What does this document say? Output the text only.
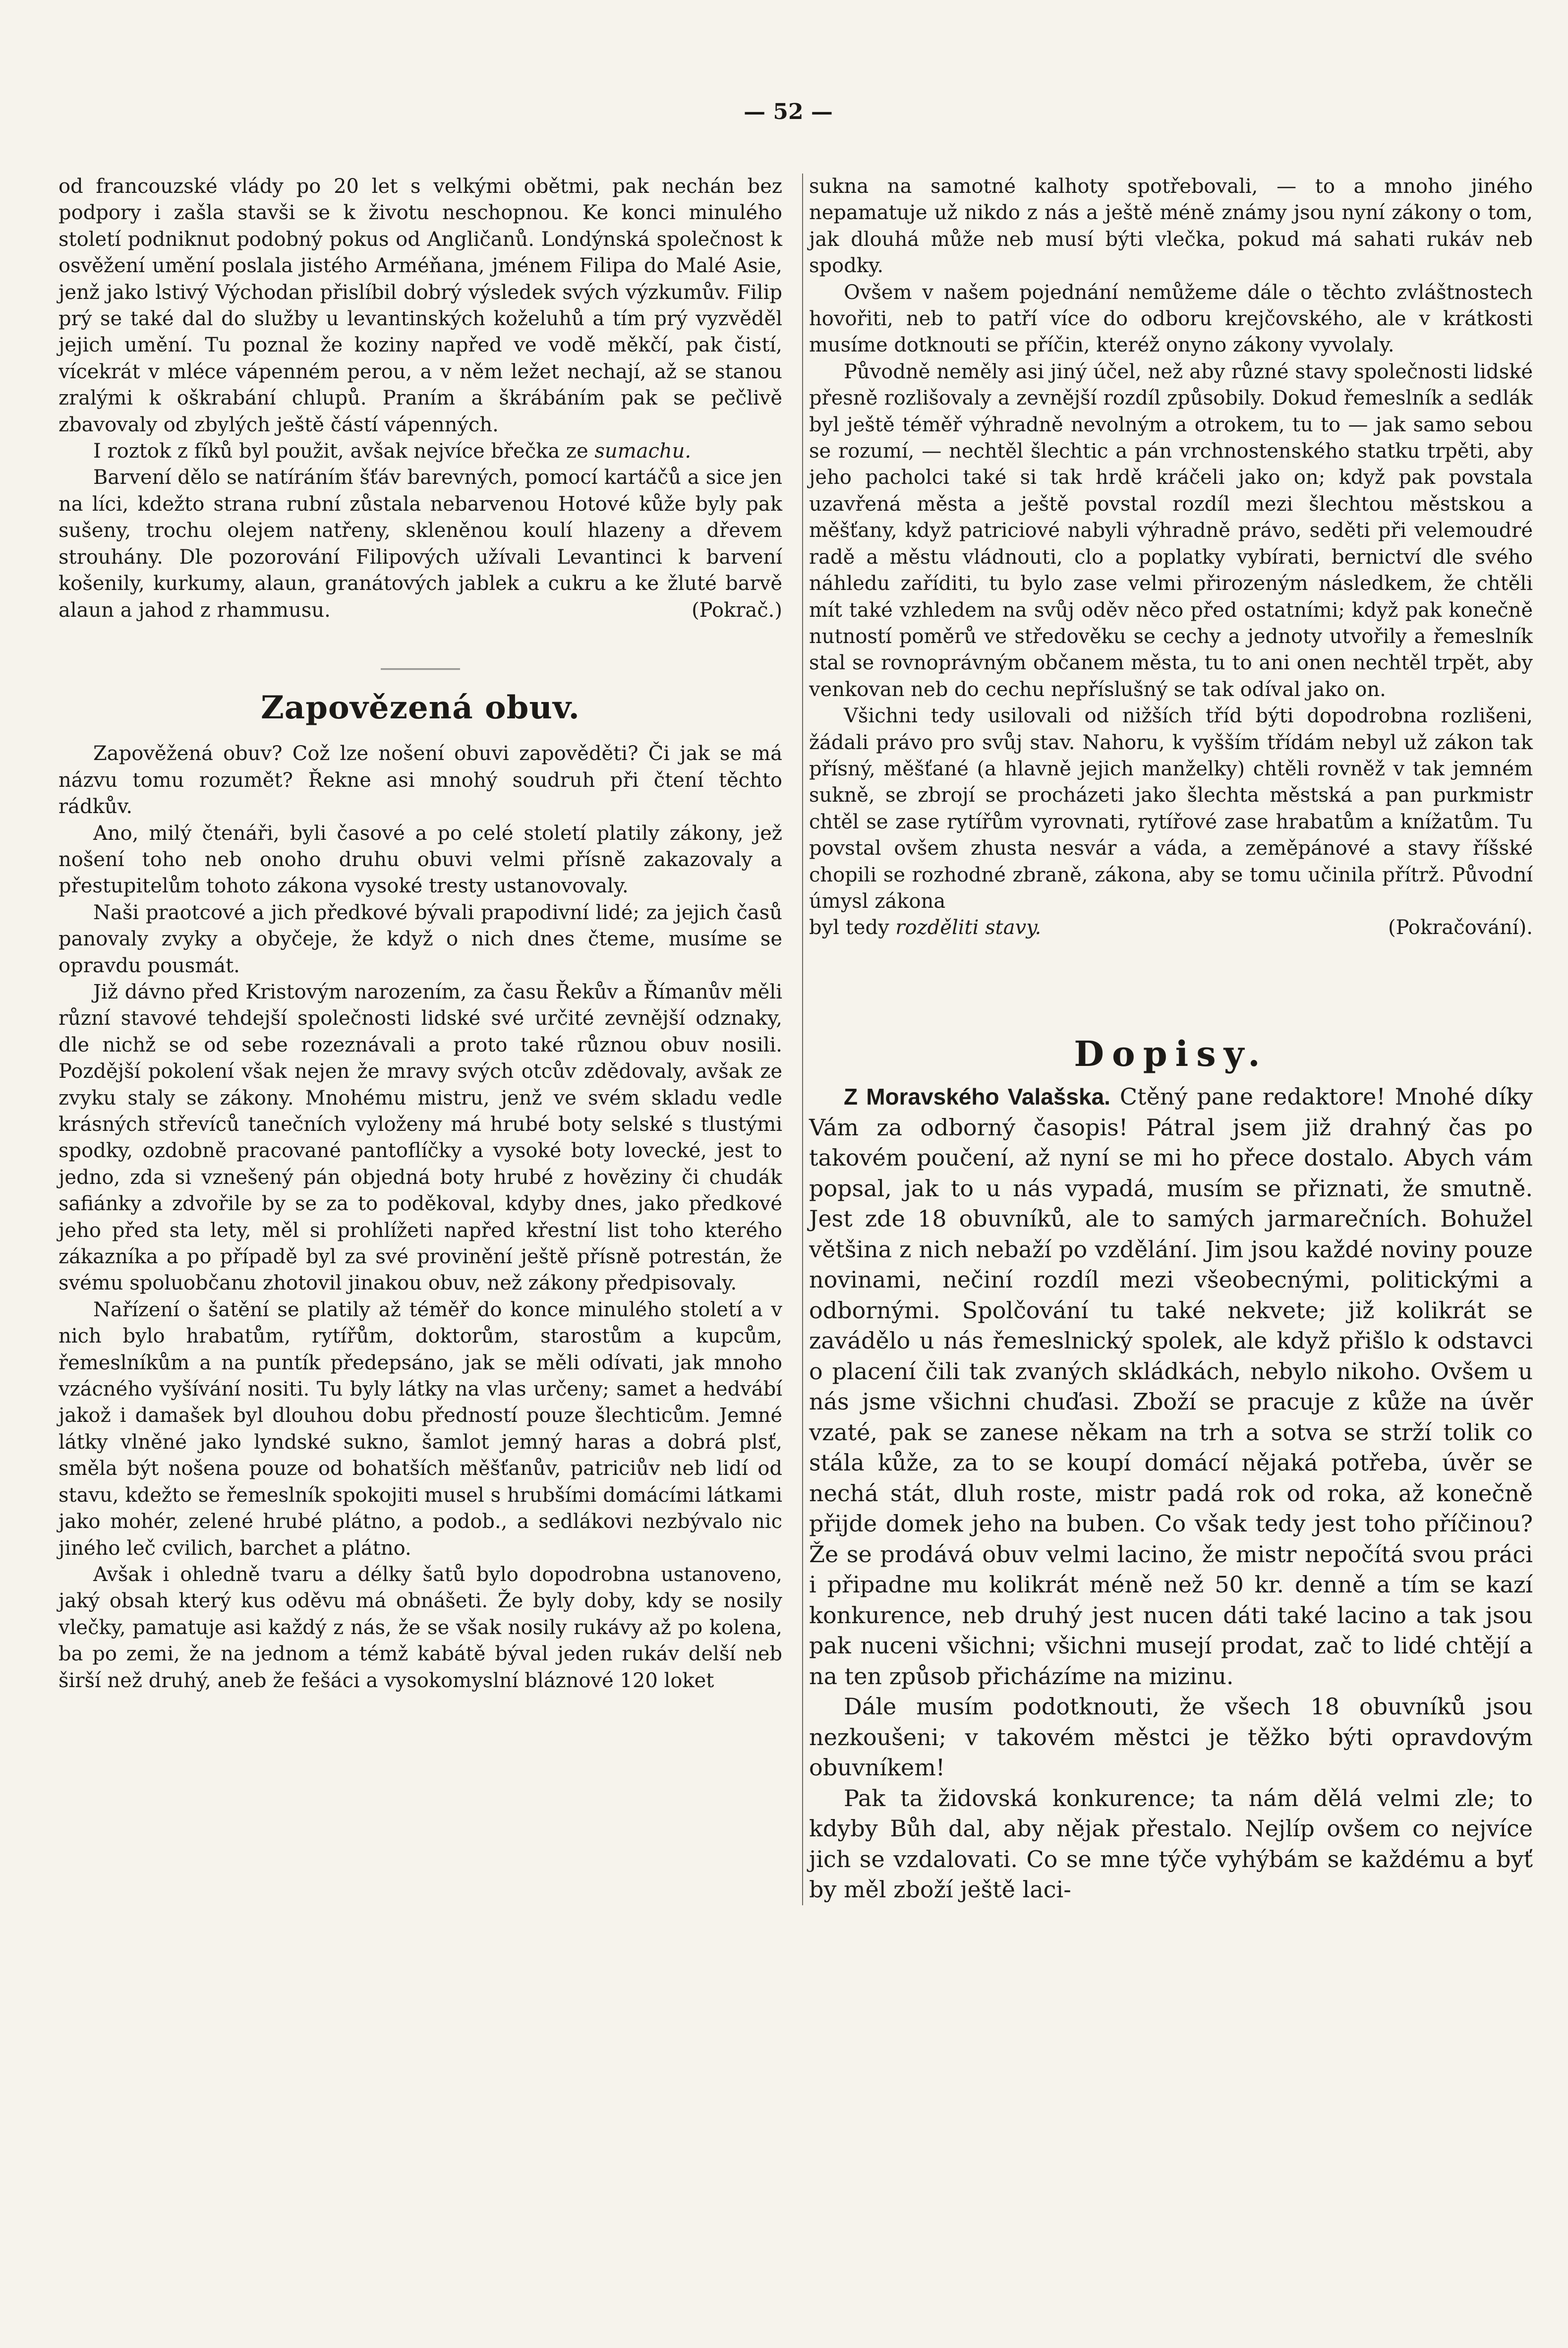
— 52 —

od francouzské vlády po 20 let s velkými obětmi, pak nechán bez podpory i zašla stavši se k životu neschopnou. Ke konci minulého století podniknut podobný pokus od Angličanů. Londýnská společnost k osvěžení umění poslala jistého Arméňana, jménem Filipa do Malé Asie, jenž jako lstivý Východan přislíbil dobrý výsledek svých výzkumův. Filip prý se také dal do služby u levantinských koželuhů a tím prý vyzvěděl jejich umění. Tu poznal že koziny napřed ve vodě měkčí, pak čistí, vícekrát v mléce vápenném perou, a v něm ležet nechají, až se stanou zralými k oškrabání chlupů. Praním a škrábáním pak se pečlivě zbavovaly od zbylých ještě částí vápenných.

I roztok z fíků byl použit, avšak nejvíce břečka ze sumachu.

Barvení dělo se natíráním šťáv barevných, pomocí kartáčů a sice jen na líci, kdežto strana rubní zůstala nebarvenou Hotové kůže byly pak sušeny, trochu olejem natřeny, skleněnou koulí hlazeny a dřevem strouhány. Dle pozorování Filipových užívali Levantinci k barvení košenily, kurkumy, alaun, granátových jablek a cukru a ke žluté barvě alaun a jahod z rhammusu.	(Pokrač.)

Zapovězená obuv.

Zapověžená obuv? Což lze nošení obuvi zapověděti? Či jak se má názvu tomu rozumět? Řekne asi mnohý soudruh při čtení těchto rádkův.

Ano, milý čtenáři, byli časové a po celé století platily zákony, jež nošení toho neb onoho druhu obuvi velmi přísně zakazovaly a přestupitelům tohoto zákona vysoké tresty ustanovovaly.

Naši praotcové a jich předkové bývali prapodivní lidé; za jejich časů panovaly zvyky a obyčeje, že když o nich dnes čteme, musíme se opravdu pousmát.

Již dávno před Kristovým narozením, za času Řekův a Římanův měli různí stavové tehdejší společnosti lidské své určité zevnější odznaky, dle nichž se od sebe rozeznávali a proto také různou obuv nosili. Pozdější pokolení však nejen že mravy svých otcův zdědovaly, avšak ze zvyku staly se zákony. Mnohému mistru, jenž ve svém skladu vedle krásných střevíců tanečních vyloženy má hrubé boty selské s tlustými spodky, ozdobně pracované pantoflíčky a vysoké boty lovecké, jest to jedno, zda si vznešený pán objedná boty hrubé z hověziny či chudák safiánky a zdvořile by se za to poděkoval, kdyby dnes, jako předkové jeho před sta lety, měl si prohlížeti napřed křestní list toho kterého zákazníka a po případě byl za své provinění ještě přísně potrestán, že svému spoluobčanu zhotovil jinakou obuv, než zákony předpisovaly.

Nařízení o šatění se platily až téměř do konce minulého století a v nich bylo hrabatům, rytířům, doktorům, starostům a kupcům, řemeslníkům a na puntík předepsáno, jak se měli odívati, jak mnoho vzácného vyšívání nositi. Tu byly látky na vlas určeny; samet a hedvábí jakož i damašek byl dlouhou dobu předností pouze šlechticům. Jemné látky vlněné jako lyndské sukno, šamlot jemný haras a dobrá plsť, směla být nošena pouze od bohatších měšťanův, patriciův neb lidí od stavu, kdežto se řemeslník spokojiti musel s hrubšími domácími látkami jako mohér, zelené hrubé plátno, a podob., a sedlákovi nezbývalo nic jiného leč cvilich, barchet a plátno.

Avšak i ohledně tvaru a délky šatů bylo dopodrobna ustanoveno, jaký obsah který kus oděvu má obnášeti. Že byly doby, kdy se nosily vlečky, pamatuje asi každý z nás, že se však nosily rukávy až po kolena, ba po zemi, že na jednom a témž kabátě býval jeden rukáv delší neb širší než druhý, aneb že fešáci a vysokomyslní bláznové 120 loket

sukna na samotné kalhoty spotřebovali, — to a mnoho jiného nepamatuje už nikdo z nás a ještě méně známy jsou nyní zákony o tom, jak dlouhá může neb musí býti vlečka, pokud má sahati rukáv neb spodky.

Ovšem v našem pojednání nemůžeme dále o těchto zvláštnostech hovořiti, neb to patří více do odboru krejčovského, ale v krátkosti musíme dotknouti se příčin, kteréž onyno zákony vyvolaly.

Původně neměly asi jiný účel, než aby různé stavy společnosti lidské přesně rozlišovaly a zevnější rozdíl způsobily. Dokud řemeslník a sedlák byl ještě téměř výhradně nevolným a otrokem, tu to — jak samo sebou se rozumí, — nechtěl šlechtic a pán vrchnostenského statku trpěti, aby jeho pacholci také si tak hrdě kráčeli jako on; když pak povstala uzavřená města a ještě povstal rozdíl mezi šlechtou městskou a měšťany, když patriciové nabyli výhradně právo, seděti při velemoudré radě a městu vládnouti, clo a poplatky vybírati, bernictví dle svého náhledu zaříditi, tu bylo zase velmi přirozeným následkem, že chtěli mít také vzhledem na svůj oděv něco před ostatními; když pak konečně nutností poměrů ve středověku se cechy a jednoty utvořily a řemeslník stal se rovnoprávným občanem města, tu to ani onen nechtěl trpět, aby venkovan neb do cechu nepříslušný se tak odíval jako on.

Všichni tedy usilovali od nižších tříd býti dopodrobna rozlišeni, žádali právo pro svůj stav. Nahoru, k vyšším třídám nebyl už zákon tak přísný, měšťané (a hlavně jejich manželky) chtěli rovněž v tak jemném sukně, se zbrojí se procházeti jako šlechta městská a pan purkmistr chtěl se zase rytířům vyrovnati, rytířové zase hrabatům a knížatům. Tu povstal ovšem zhusta nesvár a váda, a zeměpánové a stavy říšské chopili se rozhodné zbraně, zákona, aby se tomu učinila přítrž. Původní úmysl zákona

byl tedy rozděliti stavy.	(Pokračování).

Dopisy.

Z Moravského Valašska. Ctěný pane redaktore! Mnohé díky Vám za odborný časopis! Pátral jsem již drahný čas po takovém poučení, až nyní se mi ho přece dostalo. Abych vám popsal, jak to u nás vypadá, musím se přiznati, že smutně. Jest zde 18 obuvníků, ale to samých jarmarečních. Bohužel většina z nich nebaží po vzdělání. Jim jsou každé noviny pouze novinami, nečiní rozdíl mezi všeobecnými, politickými a odbornými. Spolčování tu také nekvete; již kolikrát se zavádělo u nás řemeslnický spolek, ale když přišlo k odstavci o placení čili tak zvaných skládkách, nebylo nikoho. Ovšem u nás jsme všichni chuďasi. Zboží se pracuje z kůže na úvěr vzaté, pak se zanese někam na trh a sotva se strží tolik co stála kůže, za to se koupí domácí nějaká potřeba, úvěr se nechá stát, dluh roste, mistr padá rok od roka, až konečně přijde domek jeho na buben. Co však tedy jest toho příčinou? Že se prodává obuv velmi lacino, že mistr nepočítá svou práci i připadne mu kolikrát méně než 50 kr. denně a tím se kazí konkurence, neb druhý jest nucen dáti také lacino a tak jsou pak nuceni všichni; všichni musejí prodat, zač to lidé chtějí a na ten způsob přicházíme na mizinu.

Dále musím podotknouti, že všech 18 obuvníků jsou nezkoušeni; v takovém městci je těžko býti opravdovým obuvníkem!

Pak ta židovská konkurence; ta nám dělá velmi zle; to kdyby Bůh dal, aby nějak přestalo. Nejlíp ovšem co nejvíce jich se vzdalovati. Co se mne týče vyhýbám se každému a byť by měl zboží ještě laci-
